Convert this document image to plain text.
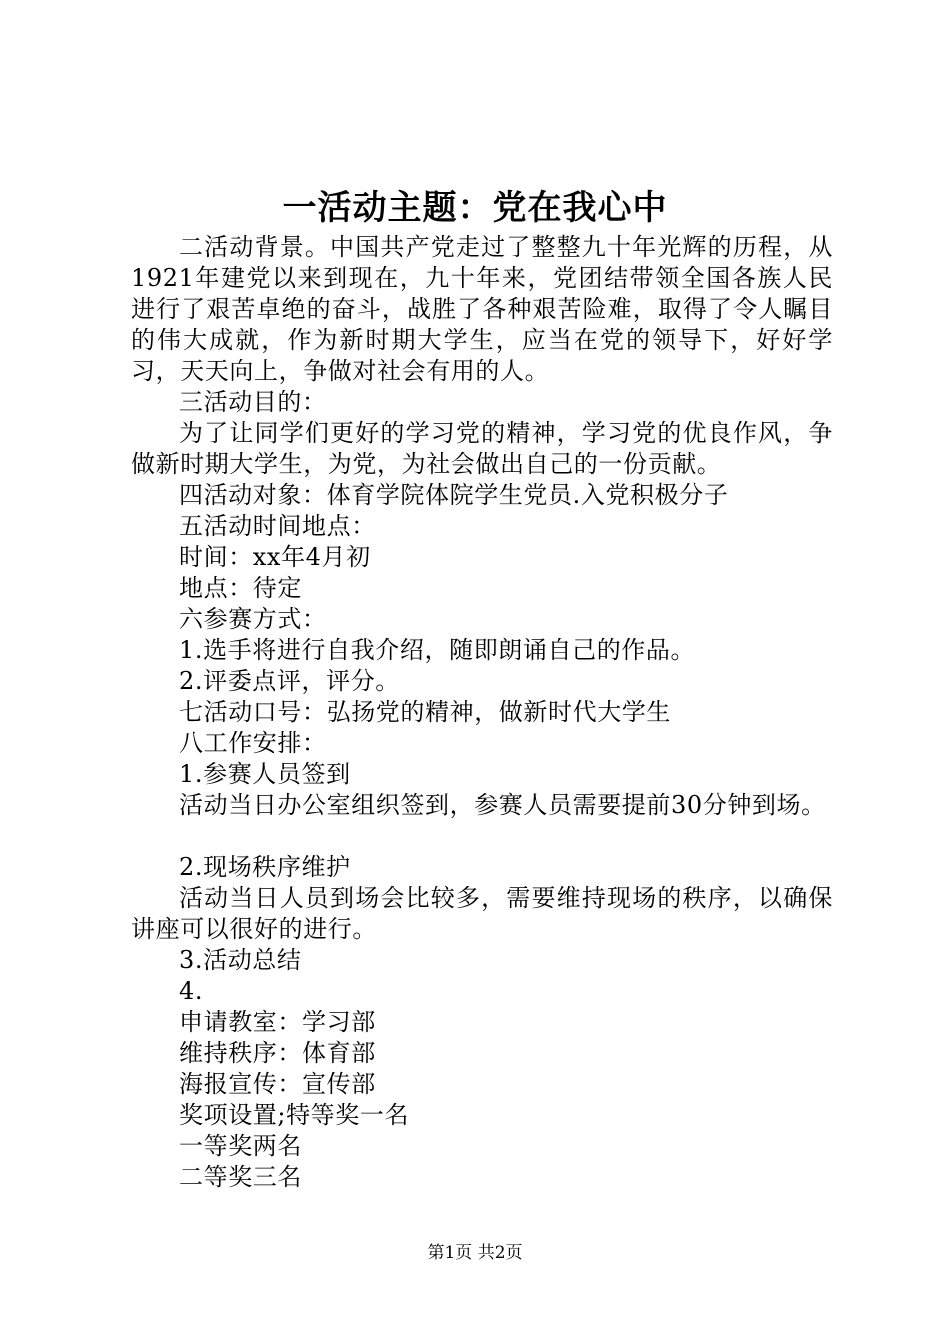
一活动主题：党在我心中

二活动背景。中国共产党走过了整整九十年光辉的历程，从1921年建党以来到现在，九十年来，党团结带领全国各族人民进行了艰苦卓绝的奋斗，战胜了各种艰苦险难，取得了令人瞩目的伟大成就，作为新时期大学生，应当在党的领导下，好好学习，天天向上，争做对社会有用的人。

三活动目的：

为了让同学们更好的学习党的精神，学习党的优良作风，争做新时期大学生，为党，为社会做出自己的一份贡献。

四活动对象：体育学院体院学生党员.入党积极分子

五活动时间地点：

时间：xx年4月初

地点：待定

六参赛方式：

1.选手将进行自我介绍，随即朗诵自己的作品。

2.评委点评，评分。

七活动口号：弘扬党的精神，做新时代大学生

八工作安排：

1.参赛人员签到

活动当日办公室组织签到，参赛人员需要提前30分钟到场。

2.现场秩序维护

活动当日人员到场会比较多，需要维持现场的秩序，以确保讲座可以很好的进行。

3.活动总结

4.

申请教室：学习部

维持秩序：体育部

海报宣传：宣传部

奖项设置;特等奖一名

一等奖两名

二等奖三名

第1页 共2页
